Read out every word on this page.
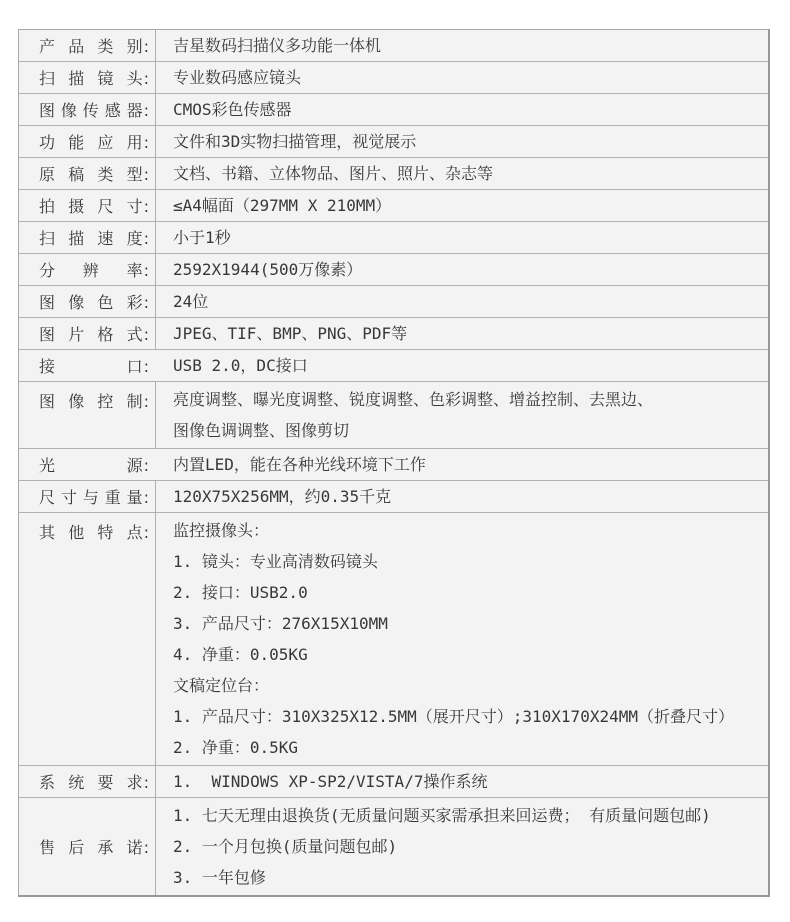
产品类别 : 吉星数码扫描仪多功能一体机
扫描镜头 : 专业数码感应镜头
图像传感器 : CMOS彩色传感器
功能应用 : 文件和3D实物扫描管理，视觉展示
原稿类型 : 文档、书籍、立体物品、图片、照片、杂志等
拍摄尺寸 : ≤A4幅面（297MM X 210MM）
扫描速度 : 小于1秒
分辨率 : 2592X1944(500万像素）
图像色彩 : 24位
图片格式 : JPEG、TIF、BMP、PNG、PDF等
接口 : USB 2.0，DC接口
图像控制 : 亮度调整、曝光度调整、锐度调整、色彩调整、增益控制、去黑边、
图像色调调整、图像剪切
光源 : 内置LED，能在各种光线环境下工作
尺寸与重量 : 120X75X256MM，约0.35千克
其他特点 : 监控摄像头：
1. 镜头：专业高清数码镜头
2. 接口：USB2.0
3. 产品尺寸：276X15X10MM
4. 净重：0.05KG
文稿定位台：
1. 产品尺寸：310X325X12.5MM（展开尺寸）;310X170X24MM（折叠尺寸）
2. 净重：0.5KG
系统要求 : 1.  WINDOWS XP-SP2/VISTA/7操作系统
售后承诺 :
1. 七天无理由退换货(无质量问题买家需承担来回运费； 有质量问题包邮)
2. 一个月包换(质量问题包邮)
3. 一年包修
